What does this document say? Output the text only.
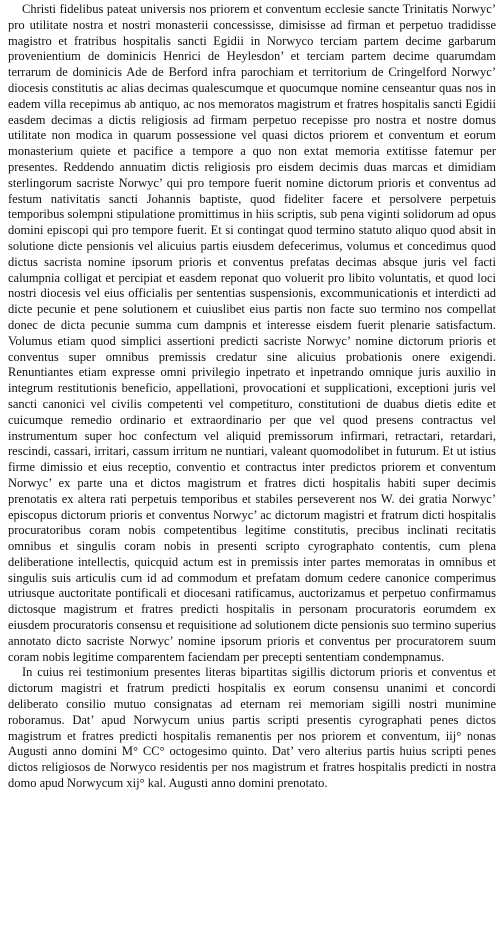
Christi fidelibus pateat universis nos priorem et conventum ecclesie sancte Trinitatis Norwyc’ pro utilitate nostra et nostri monasterii concessisse, dimisisse ad firman et perpetuo tradidisse magistro et fratribus hospitalis sancti Egidii in Norwyco terciam partem decime garbarum provenientium de dominicis Henrici de Heylesdon’ et terciam partem decime quarumdam terrarum de dominicis Ade de Berford infra parochiam et territorium de Cringelford Norwyc’ diocesis constitutis ac alias decimas qualescumque et quocumque nomine censeantur quas nos in eadem villa recepimus ab antiquo, ac nos memoratos magistrum et fratres hospitalis sancti Egidii easdem decimas a dictis religiosis ad firmam perpetuo recepisse pro nostra et nostre domus utilitate non modica in quarum possessione vel quasi dictos priorem et conventum et eorum monasterium quiete et pacifice a tempore a quo non extat memoria extitisse fatemur per presentes. Reddendo annuatim dictis religiosis pro eisdem decimis duas marcas et dimidiam sterlingorum sacriste Norwyc’ qui pro tempore fuerit nomine dictorum prioris et conventus ad festum nativitatis sancti Johannis baptiste, quod fideliter facere et persolvere perpetuis temporibus solempni stipulatione promittimus in hiis scriptis, sub pena viginti solidorum ad opus domini episcopi qui pro tempore fuerit. Et si contingat quod termino statuto aliquo quod absit in solutione dicte pensionis vel alicuius partis eiusdem defecerimus, volumus et concedimus quod dictus sacrista nomine ipsorum prioris et conventus prefatas decimas absque juris vel facti calumpnia colligat et percipiat et easdem reponat quo voluerit pro libito voluntatis, et quod loci nostri diocesis vel eius officialis per sententias suspensionis, excommunicationis et interdicti ad dicte pecunie et pene solutionem et cuiuslibet eius partis non facte suo termino nos compellat donec de dicta pecunie summa cum dampnis et interesse eisdem fuerit plenarie satisfactum. Volumus etiam quod simplici assertioni predicti sacriste Norwyc’ nomine dictorum prioris et conventus super omnibus premissis credatur sine alicuius probationis onere exigendi. Renuntiantes etiam expresse omni privilegio inpetrato et inpetrando omnique juris auxilio in integrum restitutionis beneficio, appellationi, provocationi et supplicationi, exceptioni juris vel sancti canonici vel civilis competenti vel competituro, constitutioni de duabus dietis edite et cuicumque remedio ordinario et extraordinario per que vel quod presens contractus vel instrumentum super hoc confectum vel aliquid premissorum infirmari, retractari, retardari, rescindi, cassari, irritari, cassum irritum ne nuntiari, valeant quomodolibet in futurum. Et ut istius firme dimissio et eius receptio, conventio et contractus inter predictos priorem et conventum Norwyc’ ex parte una et dictos magistrum et fratres dicti hospitalis habiti super decimis prenotatis ex altera rati perpetuis temporibus et stabiles perseverent nos W. dei gratia Norwyc’ episcopus dictorum prioris et conventus Norwyc’ ac dictorum magistri et fratrum dicti hospitalis procuratoribus coram nobis competentibus legitime constitutis, precibus inclinati recitatis omnibus et singulis coram nobis in presenti scripto cyrographato contentis, cum plena deliberatione intellectis, quicquid actum est in premissis inter partes memoratas in omnibus et singulis suis articulis cum id ad commodum et prefatam domum cedere canonice comperimus utriusque auctoritate pontificali et diocesani ratificamus, auctorizamus et perpetuo confirmamus dictosque magistrum et fratres predicti hospitalis in personam procuratoris eorumdem ex eiusdem procuratoris consensu et requisitione ad solutionem dicte pensionis suo termino superius annotato dicto sacriste Norwyc’ nomine ipsorum prioris et conventus per procuratorem suum coram nobis legitime comparentem faciendam per precepti sententiam condempnamus.

In cuius rei testimonium presentes literas bipartitas sigillis dictorum prioris et conventus et dictorum magistri et fratrum predicti hospitalis ex eorum consensu unanimi et concordi deliberato consilio mutuo consignatas ad eternam rei memoriam sigilli nostri munimine roboramus. Dat’ apud Norwycum unius partis scripti presentis cyrographati penes dictos magistrum et fratres predicti hospitalis remanentis per nos priorem et conventum, iij° nonas Augusti anno domini M° CC° octogesimo quinto. Dat’ vero alterius partis huius scripti penes dictos religiosos de Norwyco residentis per nos magistrum et fratres hospitalis predicti in nostra domo apud Norwycum xij° kal. Augusti anno domini prenotato.
